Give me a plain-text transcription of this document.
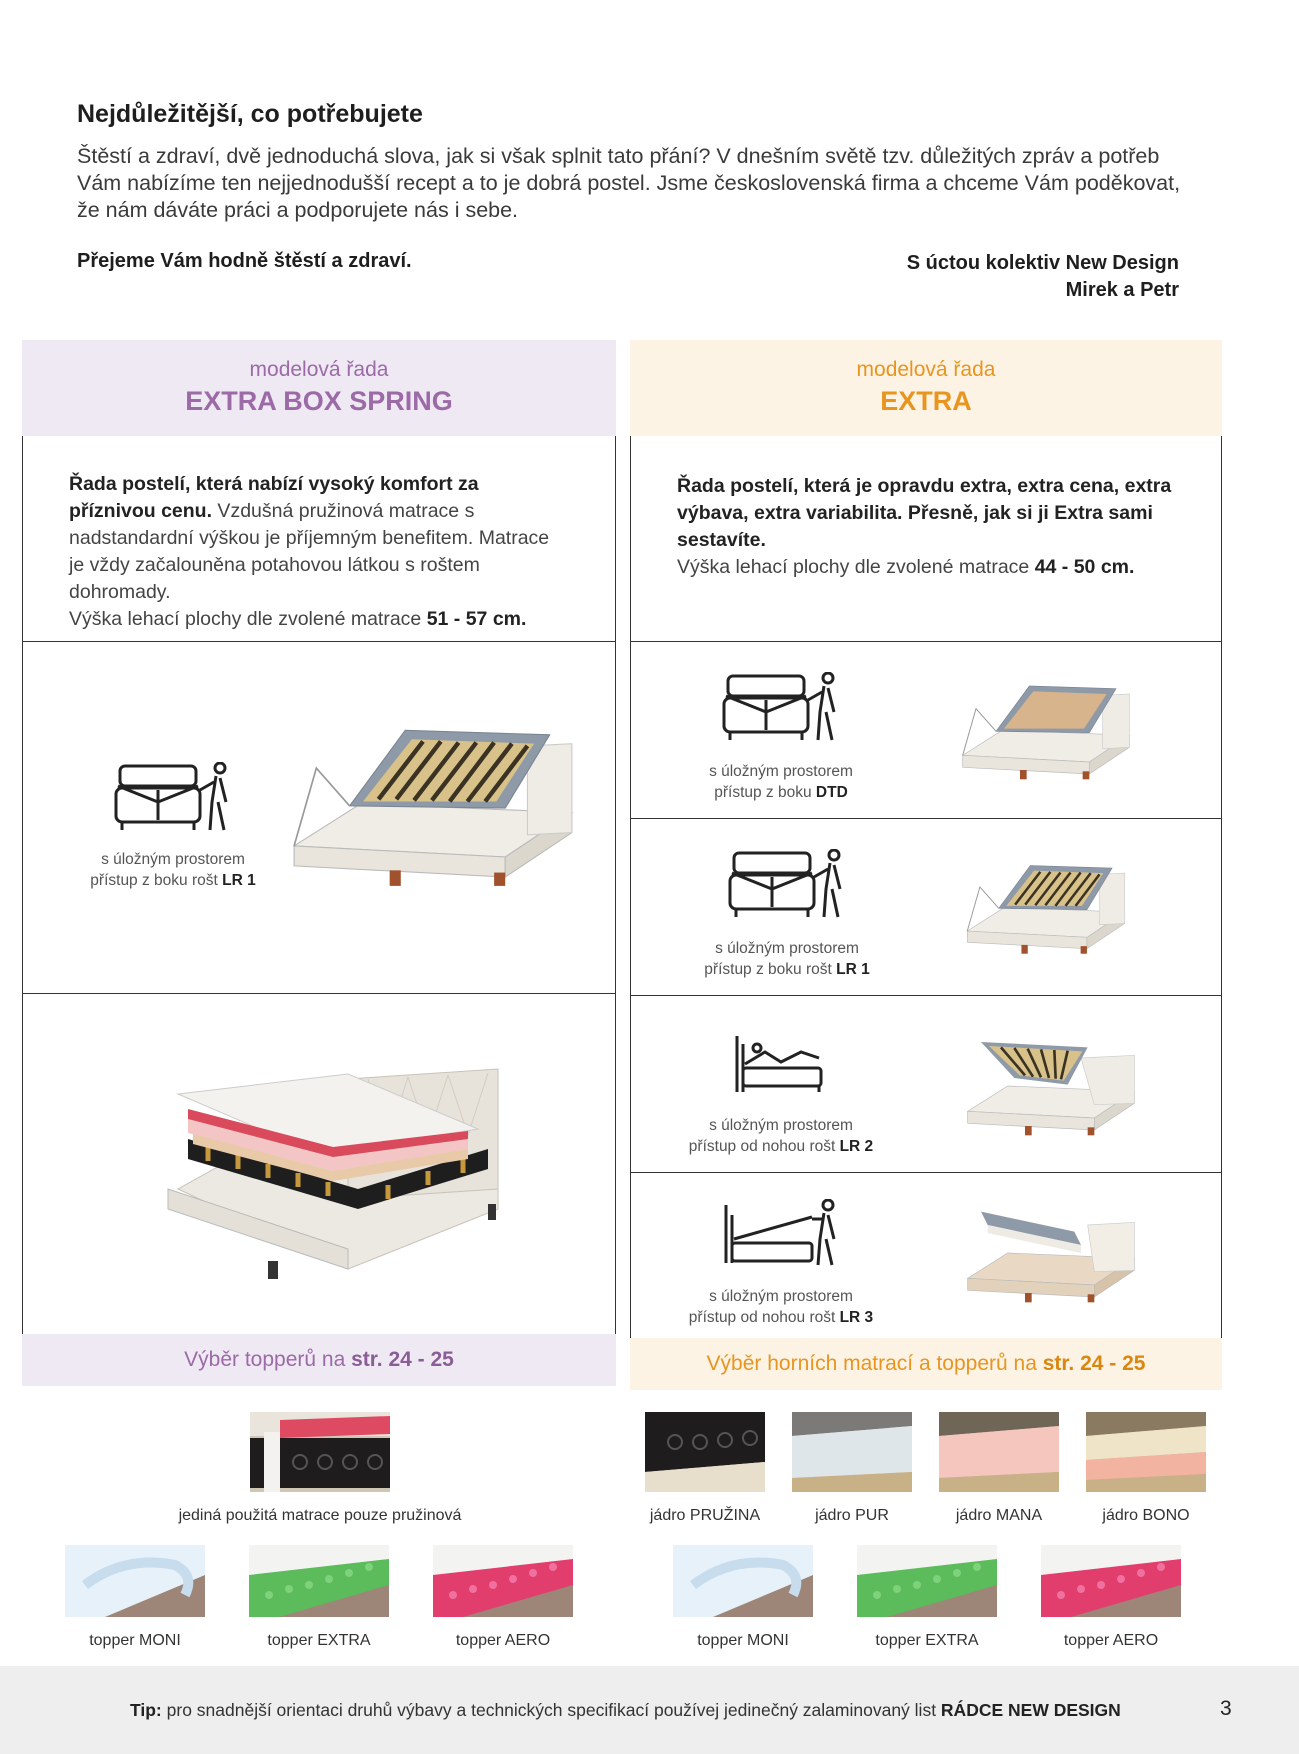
Nejdůležitější, co potřebujete

Štěstí a zdraví, dvě jednoduchá slova, jak si však splnit tato přání? V dnešním světě tzv. důležitých zpráv a potřeb Vám nabízíme ten nejjednodušší recept a to je dobrá postel. Jsme československá firma a chceme Vám poděkovat, že nám dáváte práci a podporujete nás i sebe.

Přejeme Vám hodně štěstí a zdraví.	S úctou kolektiv New Design
Mirek a Petr
modelová řada
EXTRA BOX SPRING
Řada postelí, která nabízí vysoký komfort za příznivou cenu. Vzdušná pružinová matrace s nadstandardní výškou je příjemným benefitem. Matrace je vždy začalouněna potahovou látkou s roštem dohromady.
Výška lehací plochy dle zvolené matrace 51 - 57 cm.
s úložným prostorem
přístup z boku rošt LR 1
Výběr topperů na str. 24 - 25
jediná použitá matrace pouze pružinová
topper MONI	topper EXTRA	topper AERO
modelová řada
EXTRA
Řada postelí, která je opravdu extra, extra cena, extra výbava, extra variabilita. Přesně, jak si ji Extra sami sestavíte.
Výška lehací plochy dle zvolené matrace 44 - 50 cm.
s úložným prostorem
přístup z boku DTD
s úložným prostorem
přístup z boku rošt LR 1
s úložným prostorem
přístup od nohou rošt LR 2
s úložným prostorem
přístup od nohou rošt LR 3
Výběr horních matrací a topperů na str. 24 - 25
jádro PRUŽINA	jádro PUR	jádro MANA	jádro BONO
topper MONI	topper EXTRA	topper AERO
Tip: pro snadnější orientaci druhů výbavy a technických specifikací používej jedinečný zalaminovaný list RÁDCE NEW DESIGN	3
